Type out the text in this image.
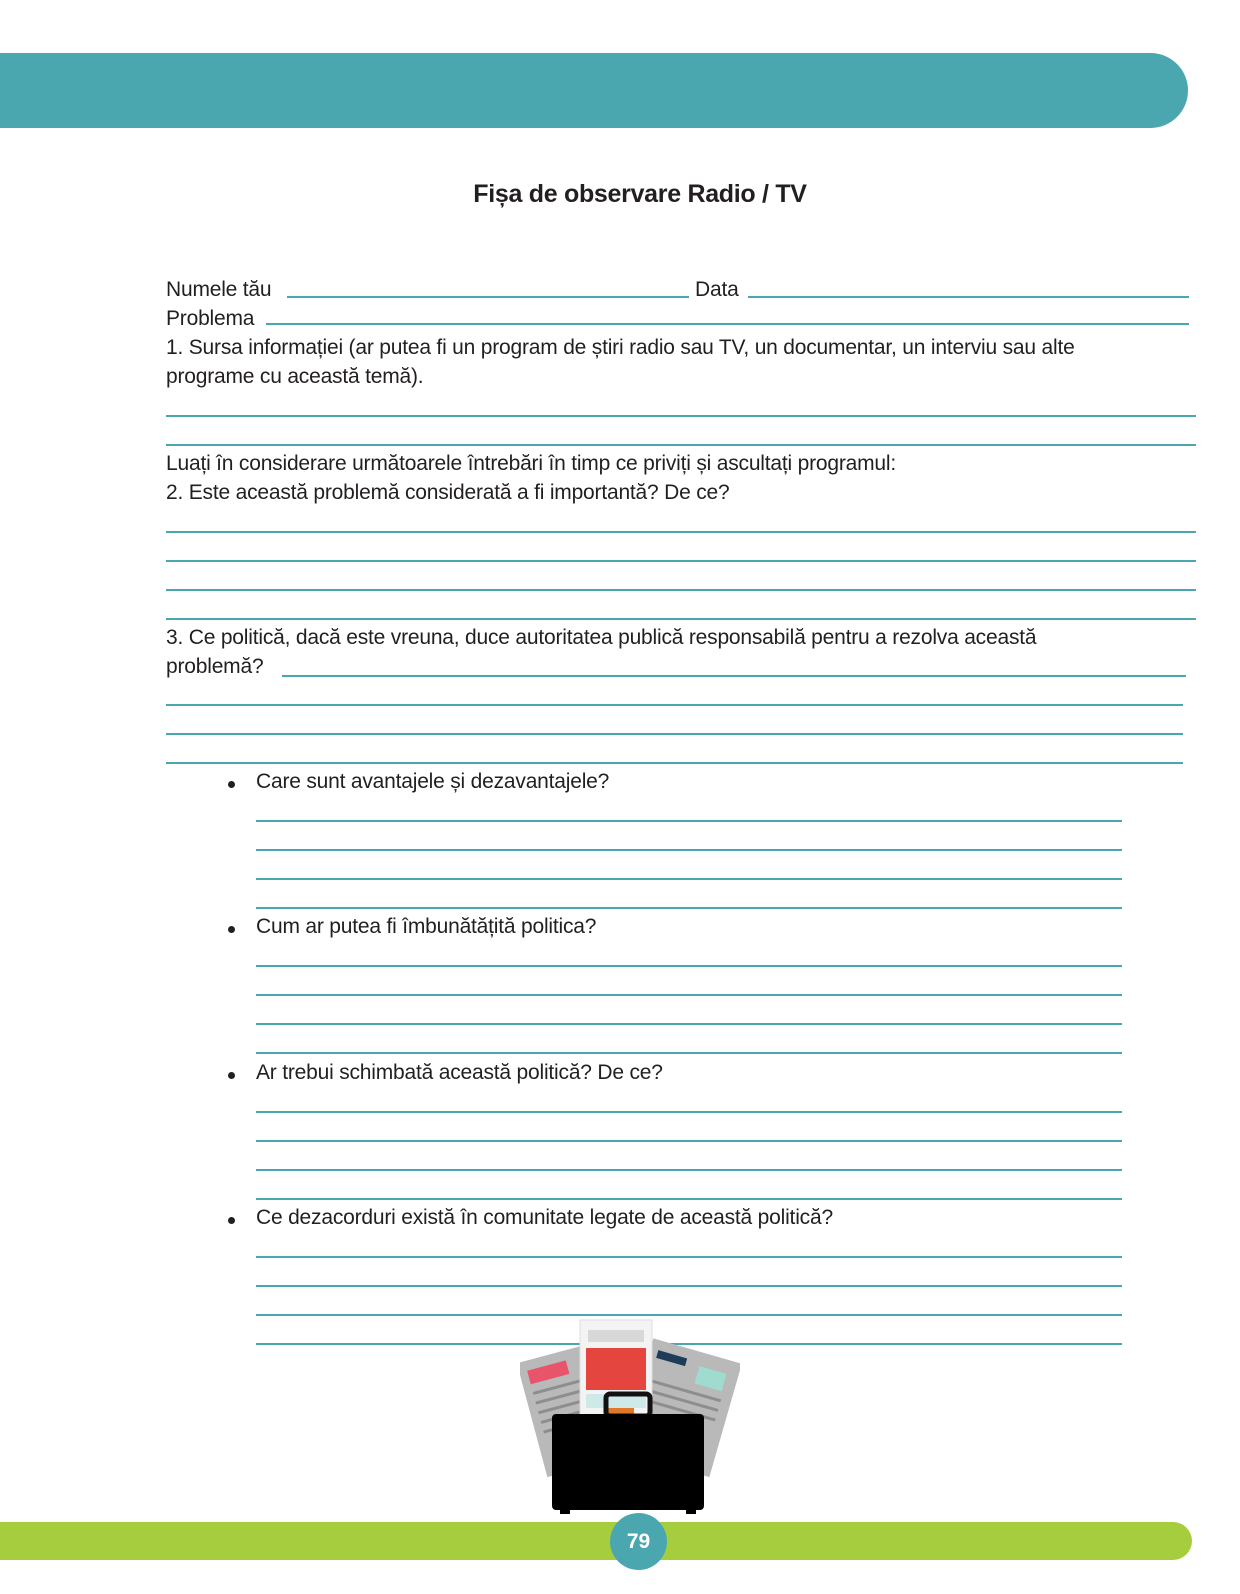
Fișa de observare Radio / TV
Numele tău	Data
Problema
1. Sursa informației (ar putea fi un program de știri radio sau TV, un documentar, un interviu sau alte
programe cu această temă).
Luați în considerare următoarele întrebări în timp ce priviți și ascultați programul:
2. Este această problemă considerată a fi importantă? De ce?
3. Ce politică, dacă este vreuna, duce autoritatea publică responsabilă pentru a rezolva această
problemă?
Care sunt avantajele și dezavantajele?
Cum ar putea fi îmbunătățită politica?
Ar trebui schimbată această politică? De ce?
Ce dezacorduri există în comunitate legate de această politică?
79
